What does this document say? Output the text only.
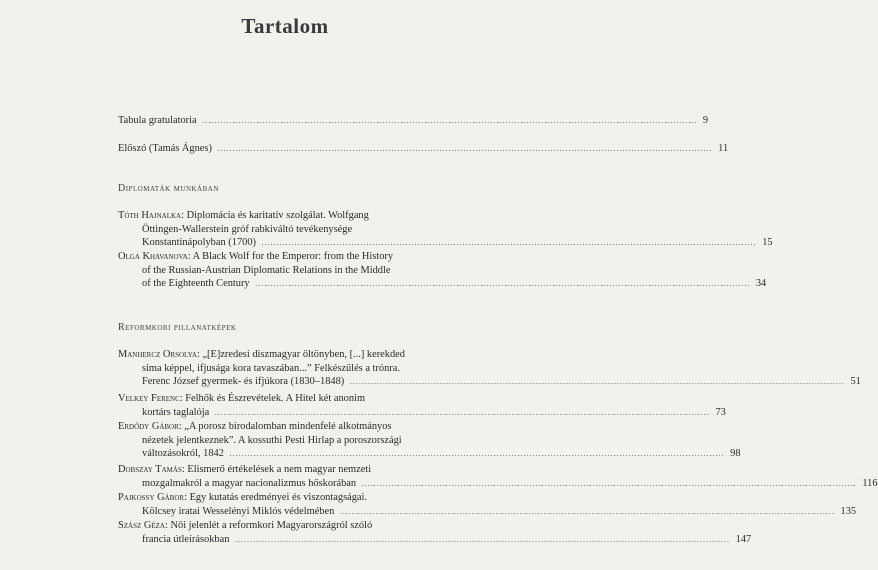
Tartalom
Tabula gratulatoria ..................................................................................................................................................................... 9
Előszó (Tamás Ágnes) ..................................................................................................................................................................... 11
Diplomaták munkában
Tóth Hajnalka: Diplomácia és karitatív szolgálat. Wolfgang
Öttingen-Wallerstein gróf rabkiváltó tevékenysége
Konstantinápolyban (1700) ..................................................................................................................................................................... 15
Olga Khavanova: A Black Wolf for the Emperor: from the History
of the Russian-Austrian Diplomatic Relations in the Middle
of the Eighteenth Century ..................................................................................................................................................................... 34
Reformkori pillanatképek
Manhercz Orsolya: „[E]zredesi diszmagyar öltönyben, [...] kerekded
sima képpel, ifjusága kora tavaszában...” Felkészülés a trónra.
Ferenc József gyermek- és ifjúkora (1830–1848) ..................................................................................................................................................................... 51
Velkey Ferenc: Felhők és Észrevételek. A Hitel két anonim
kortárs taglalója ..................................................................................................................................................................... 73
Erdődy Gábor: „A porosz birodalomban mindenfelé alkotmányos
nézetek jelentkeznek”. A kossuthi Pesti Hirlap a poroszországi
változásokról, 1842 ..................................................................................................................................................................... 98
Dobszay Tamás: Elismerő értékelések a nem magyar nemzeti
mozgalmakról a magyar nacionalizmus hőskorában ..................................................................................................................................................................... 116
Pajkossy Gábor: Egy kutatás eredményei és viszontagságai.
Kölcsey iratai Wesselényi Miklós védelmében ..................................................................................................................................................................... 135
Szász Géza: Női jelenlét a reformkori Magyarországról szóló
francia útleírásokban ..................................................................................................................................................................... 147
